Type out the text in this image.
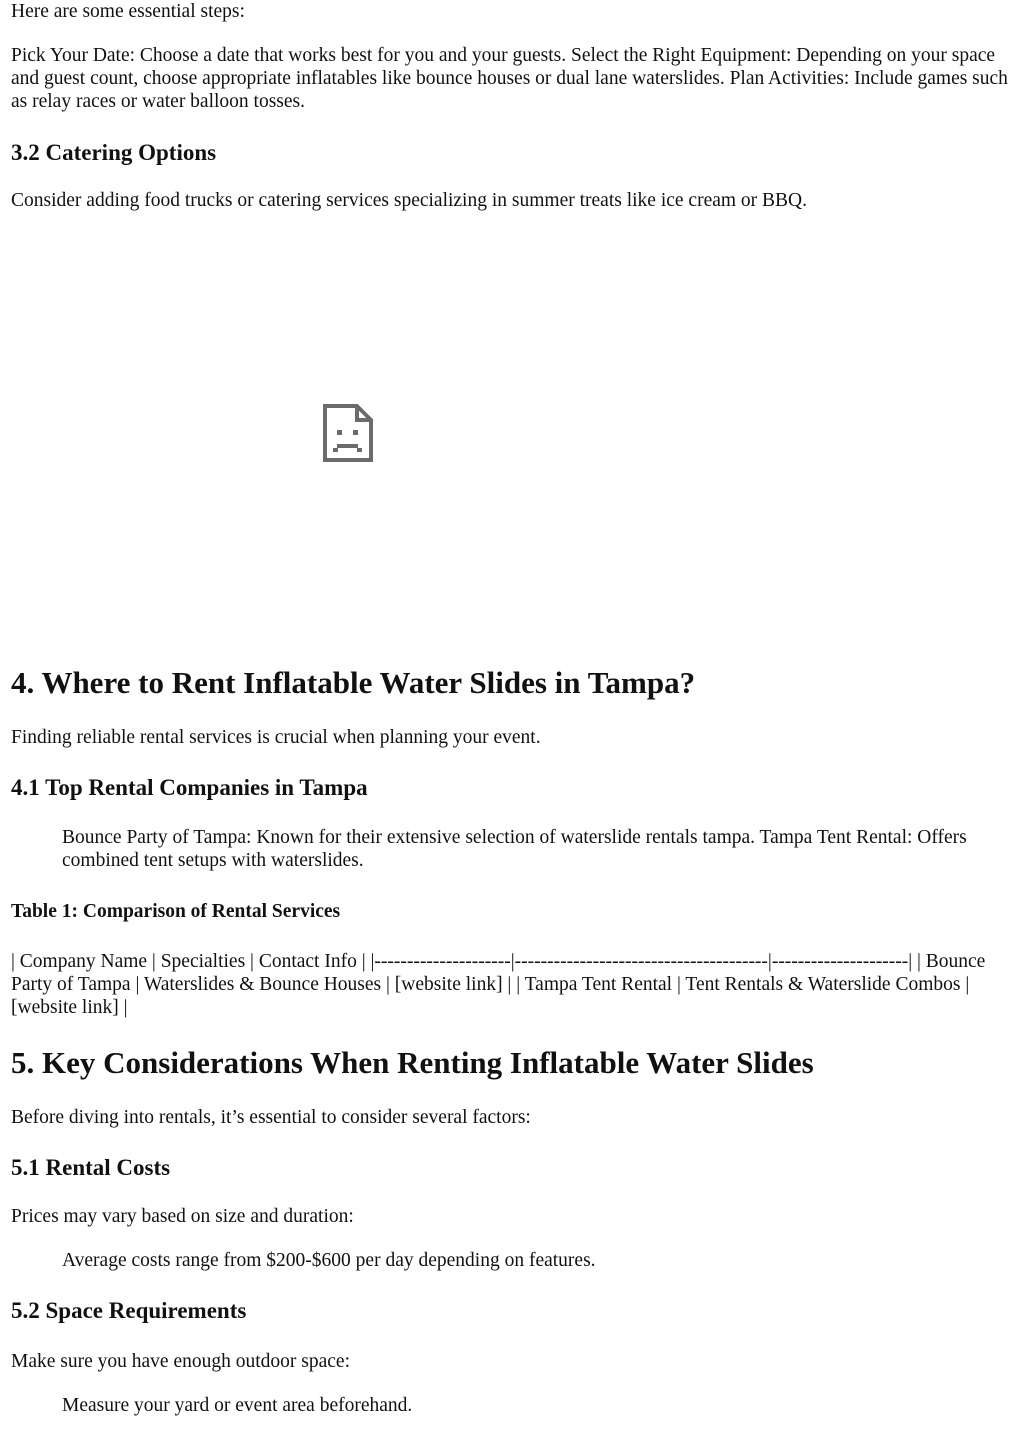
Here are some essential steps:

Pick Your Date: Choose a date that works best for you and your guests. Select the Right Equipment: Depending on your space and guest count, choose appropriate inflatables like bounce houses or dual lane waterslides. Plan Activities: Include games such as relay races or water balloon tosses.

3.2 Catering Options

Consider adding food trucks or catering services specializing in summer treats like ice cream or BBQ.

4. Where to Rent Inflatable Water Slides in Tampa?

Finding reliable rental services is crucial when planning your event.

4.1 Top Rental Companies in Tampa

Bounce Party of Tampa: Known for their extensive selection of waterslide rentals tampa. Tampa Tent Rental: Offers combined tent setups with waterslides.

Table 1: Comparison of Rental Services

| Company Name | Specialties | Contact Info | |---------------------|---------------------------------------|---------------------| | Bounce Party of Tampa | Waterslides & Bounce Houses | [website link] | | Tampa Tent Rental | Tent Rentals & Waterslide Combos | [website link] |

5. Key Considerations When Renting Inflatable Water Slides

Before diving into rentals, it’s essential to consider several factors:

5.1 Rental Costs

Prices may vary based on size and duration:

Average costs range from $200-$600 per day depending on features.

5.2 Space Requirements

Make sure you have enough outdoor space:

Measure your yard or event area beforehand.
